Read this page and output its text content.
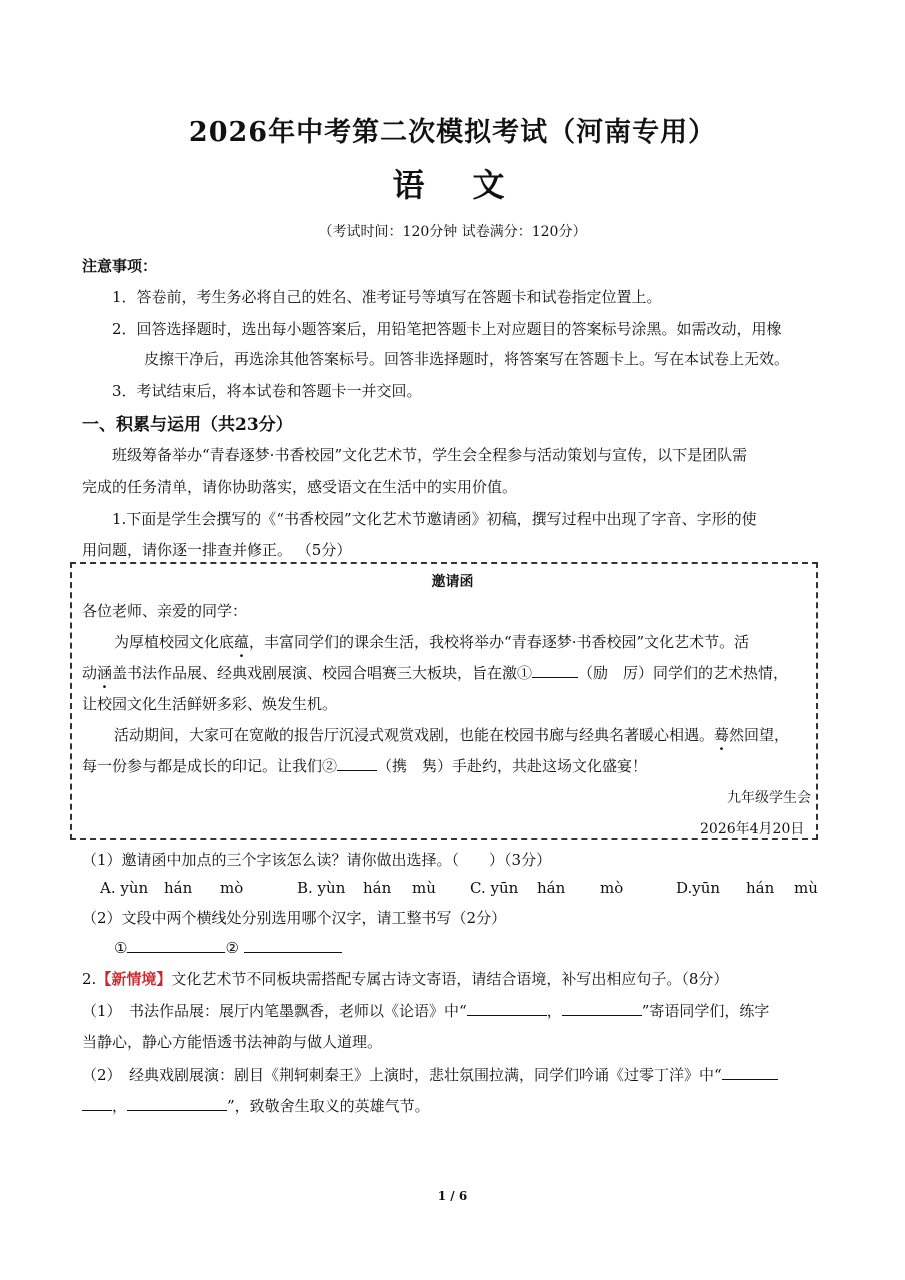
2026年中考第二次模拟考试（河南专用）
语　文
（考试时间：120分钟 试卷满分：120分）
注意事项：
1．答卷前，考生务必将自己的姓名、准考证号等填写在答题卡和试卷指定位置上。
2．回答选择题时，选出每小题答案后，用铅笔把答题卡上对应题目的答案标号涂黑。如需改动，用橡
皮擦干净后，再选涂其他答案标号。回答非选择题时，将答案写在答题卡上。写在本试卷上无效。
3．考试结束后，将本试卷和答题卡一并交回。
一、积累与运用（共23分）
班级筹备举办“青春逐梦·书香校园”文化艺术节，学生会全程参与活动策划与宣传，以下是团队需
完成的任务清单，请你协助落实，感受语文在生活中的实用价值。
1.下面是学生会撰写的《“书香校园”文化艺术节邀请函》初稿，撰写过程中出现了字音、字形的使
用问题，请你逐一排查并修正。 （5分）
邀请函
各位老师、亲爱的同学：
为厚植校园文化底蕴，丰富同学们的课余生活，我校将举办“青春逐梦·书香校园”文化艺术节。活
动涵盖书法作品展、经典戏剧展演、校园合唱赛三大板块，旨在激①	（励　厉）同学们的艺术热情，
让校园文化生活鲜妍多彩、焕发生机。
活动期间，大家可在宽敞的报告厅沉浸式观赏戏剧，也能在校园书廊与经典名著暖心相遇。蓦然回望，
每一份参与都是成长的印记。让我们②	（携　隽）手赴约，共赴这场文化盛宴！
九年级学生会
2026年4月20日
（1）邀请函中加点的三个字该怎么读？请你做出选择。（　　）（3分）
A. yùn hán mò	B. yùn hán mù C. yūn hán mò	D.yūn hán mù
（2）文段中两个横线处分别选用哪个汉字，请工整书写（2分）
①	②
2.【新情境】文化艺术节不同板块需搭配专属古诗文寄语，请结合语境，补写出相应句子。（8分）
（1）　书法作品展：展厅内笔墨飘香，老师以《论语》中“	，	”寄语同学们，练字
当静心，静心方能悟透书法神韵与做人道理。
（2）　经典戏剧展演：剧目《荆轲刺秦王》上演时，悲壮氛围拉满，同学们吟诵《过零丁洋》中“
，	”，致敬舍生取义的英雄气节。
1 / 6
